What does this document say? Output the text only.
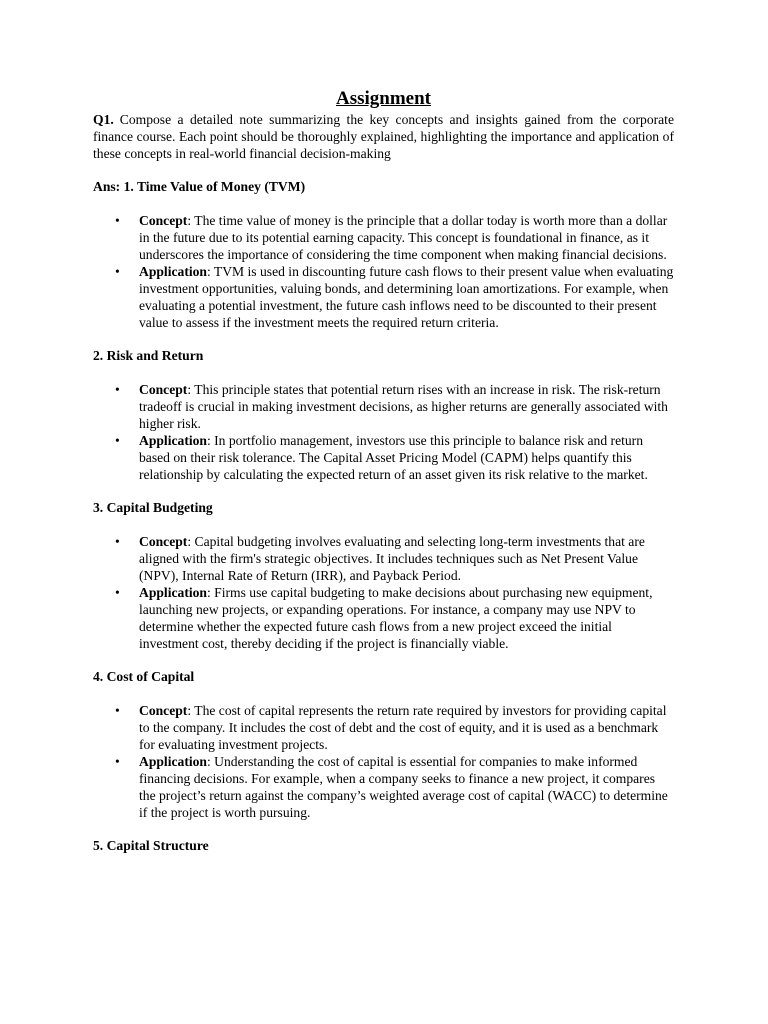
Assignment

Q1. Compose a detailed note summarizing the key concepts and insights gained from the corporate finance course. Each point should be thoroughly explained, highlighting the importance and application of these concepts in real-world financial decision-making

Ans: 1. Time Value of Money (TVM)
• Concept: The time value of money is the principle that a dollar today is worth more than a dollar in the future due to its potential earning capacity. This concept is foundational in finance, as it underscores the importance of considering the time component when making financial decisions.
• Application: TVM is used in discounting future cash flows to their present value when evaluating investment opportunities, valuing bonds, and determining loan amortizations. For example, when evaluating a potential investment, the future cash inflows need to be discounted to their present value to assess if the investment meets the required return criteria.
2. Risk and Return
• Concept: This principle states that potential return rises with an increase in risk. The risk-return tradeoff is crucial in making investment decisions, as higher returns are generally associated with higher risk.
• Application: In portfolio management, investors use this principle to balance risk and return based on their risk tolerance. The Capital Asset Pricing Model (CAPM) helps quantify this relationship by calculating the expected return of an asset given its risk relative to the market.
3. Capital Budgeting
• Concept: Capital budgeting involves evaluating and selecting long-term investments that are aligned with the firm's strategic objectives. It includes techniques such as Net Present Value (NPV), Internal Rate of Return (IRR), and Payback Period.
• Application: Firms use capital budgeting to make decisions about purchasing new equipment, launching new projects, or expanding operations. For instance, a company may use NPV to determine whether the expected future cash flows from a new project exceed the initial investment cost, thereby deciding if the project is financially viable.
4. Cost of Capital
• Concept: The cost of capital represents the return rate required by investors for providing capital to the company. It includes the cost of debt and the cost of equity, and it is used as a benchmark for evaluating investment projects.
• Application: Understanding the cost of capital is essential for companies to make informed financing decisions. For example, when a company seeks to finance a new project, it compares the project’s return against the company’s weighted average cost of capital (WACC) to determine if the project is worth pursuing.
5. Capital Structure
